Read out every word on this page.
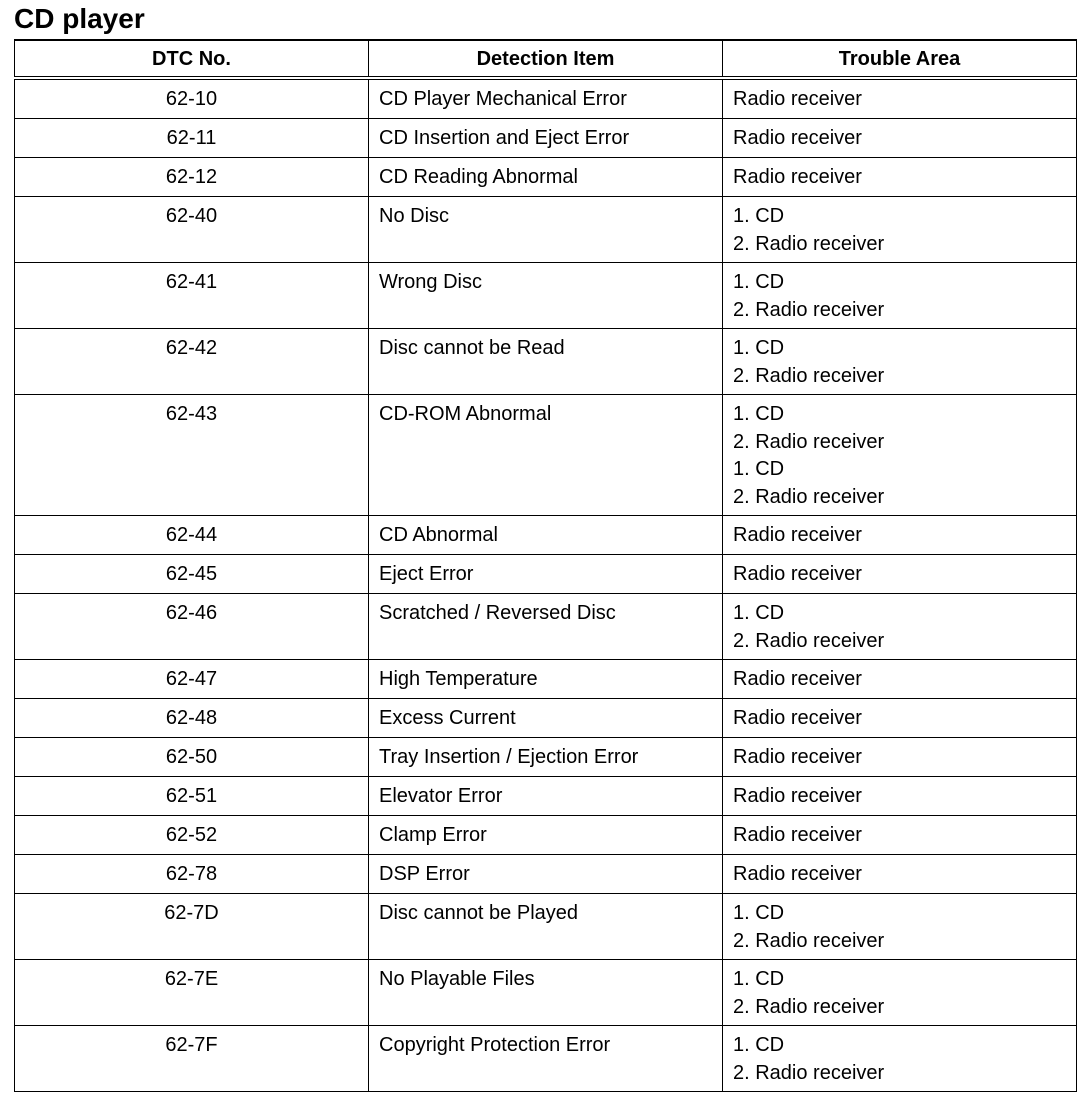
CD player
DTC No.	Detection Item	Trouble Area
62-10	CD Player Mechanical Error	Radio receiver

62-11	CD Insertion and Eject Error	Radio receiver

62-12	CD Reading Abnormal	Radio receiver

62-40	No Disc	1. CD
2. Radio receiver

62-41	Wrong Disc	1. CD
2. Radio receiver

62-42	Disc cannot be Read	1. CD
2. Radio receiver

62-43	CD-ROM Abnormal	1. CD
2. Radio receiver
1. CD
2. Radio receiver

62-44	CD Abnormal	Radio receiver

62-45	Eject Error	Radio receiver

62-46	Scratched / Reversed Disc	1. CD
2. Radio receiver

62-47	High Temperature	Radio receiver

62-48	Excess Current	Radio receiver

62-50	Tray Insertion / Ejection Error	Radio receiver

62-51	Elevator Error	Radio receiver

62-52	Clamp Error	Radio receiver

62-78	DSP Error	Radio receiver

62-7D	Disc cannot be Played	1. CD
2. Radio receiver

62-7E	No Playable Files	1. CD
2. Radio receiver

62-7F	Copyright Protection Error	1. CD
2. Radio receiver
